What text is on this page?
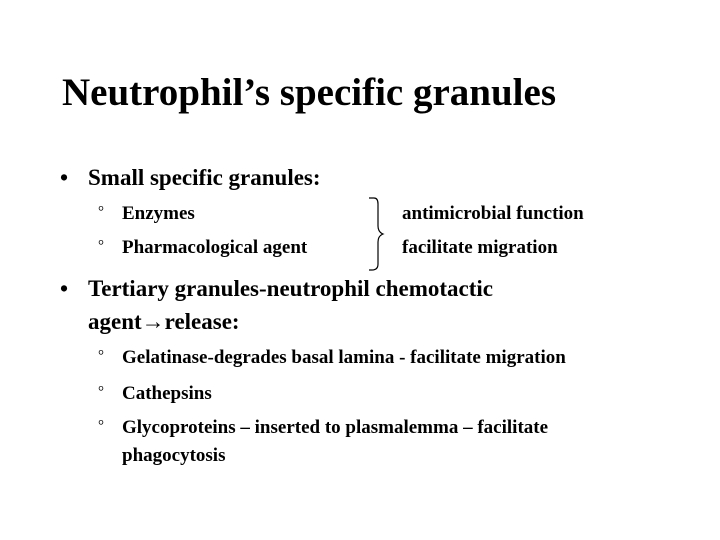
Neutrophil’s specific granules
• Small specific granules:
° Enzymes	antimicrobial function
° Pharmacological agent	facilitate migration
• Tertiary granules-neutrophil chemotactic
agent→release:
° Gelatinase-degrades basal lamina - facilitate migration
° Cathepsins
° Glycoproteins – inserted to plasmalemma – facilitate
phagocytosis
